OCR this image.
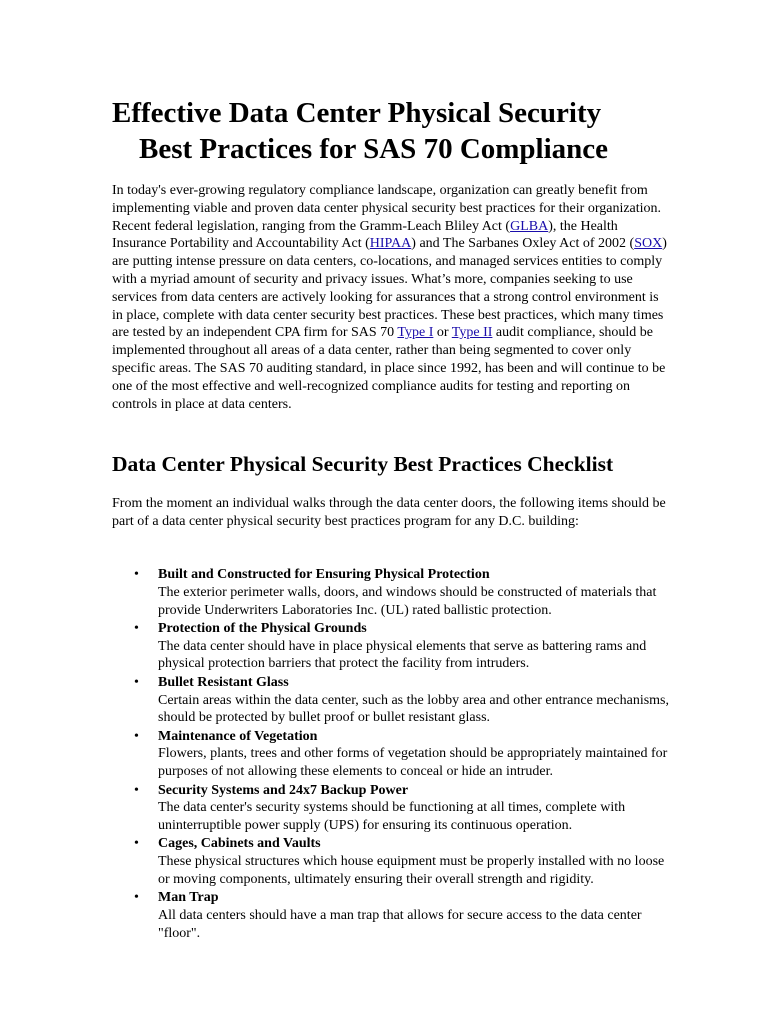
Effective Data Center Physical Security
Best Practices for SAS 70 Compliance

In today's ever-growing regulatory compliance landscape, organization can greatly benefit from implementing viable and proven data center physical security best practices for their organization. Recent federal legislation, ranging from the Gramm-Leach Bliley Act (GLBA), the Health Insurance Portability and Accountability Act (HIPAA) and The Sarbanes Oxley Act of 2002 (SOX) are putting intense pressure on data centers, co-locations, and managed services entities to comply with a myriad amount of security and privacy issues. What’s more, companies seeking to use services from data centers are actively looking for assurances that a strong control environment is in place, complete with data center security best practices. These best practices, which many times are tested by an independent CPA firm for SAS 70 Type I or Type II audit compliance, should be implemented throughout all areas of a data center, rather than being segmented to cover only specific areas. The SAS 70 auditing standard, in place since 1992, has been and will continue to be one of the most effective and well-recognized compliance audits for testing and reporting on controls in place at data centers.

Data Center Physical Security Best Practices Checklist

From the moment an individual walks through the data center doors, the following items should be part of a data center physical security best practices program for any D.C. building:

• Built and Constructed for Ensuring Physical Protection
The exterior perimeter walls, doors, and windows should be constructed of materials that provide Underwriters Laboratories Inc. (UL) rated ballistic protection.
• Protection of the Physical Grounds
The data center should have in place physical elements that serve as battering rams and physical protection barriers that protect the facility from intruders.
• Bullet Resistant Glass
Certain areas within the data center, such as the lobby area and other entrance mechanisms, should be protected by bullet proof or bullet resistant glass.
• Maintenance of Vegetation
Flowers, plants, trees and other forms of vegetation should be appropriately maintained for purposes of not allowing these elements to conceal or hide an intruder.
• Security Systems and 24x7 Backup Power
The data center's security systems should be functioning at all times, complete with uninterruptible power supply (UPS) for ensuring its continuous operation.
• Cages, Cabinets and Vaults
These physical structures which house equipment must be properly installed with no loose or moving components, ultimately ensuring their overall strength and rigidity.
• Man Trap
All data centers should have a man trap that allows for secure access to the data center "floor".
